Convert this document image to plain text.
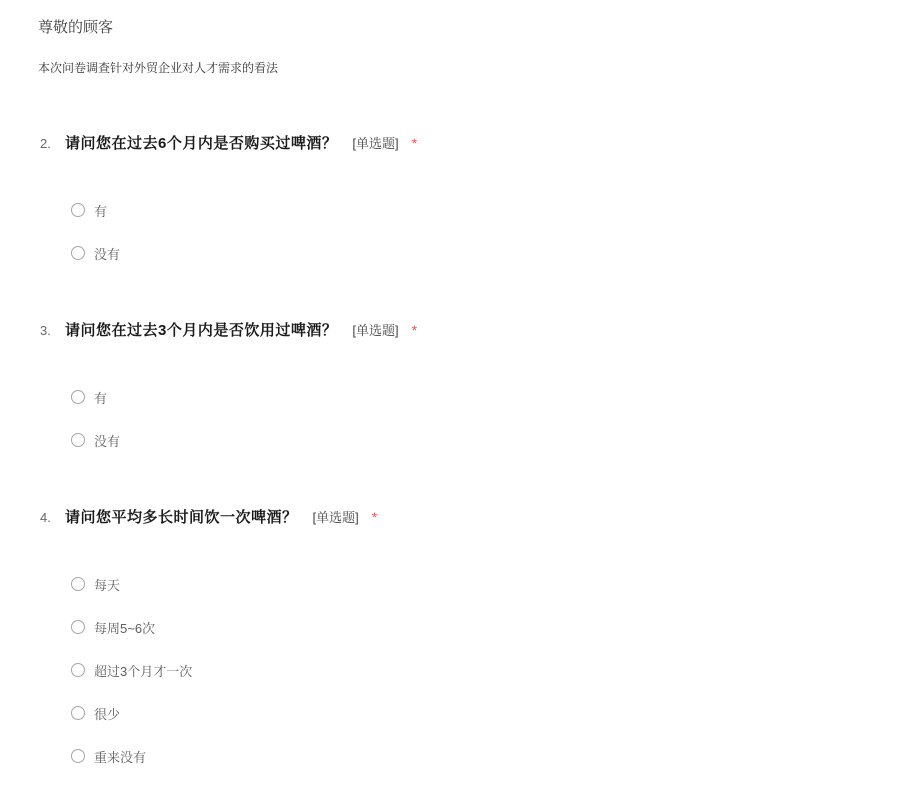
尊敬的顾客
本次问卷调查针对外贸企业对人才需求的看法
2. 请问您在过去6个月内是否购买过啤酒？ [单选题] *
有
没有
3. 请问您在过去3个月内是否饮用过啤酒？ [单选题] *
有
没有
4. 请问您平均多长时间饮一次啤酒？ [单选题] *
每天
每周5~6次
超过3个月才一次
很少
重来没有
